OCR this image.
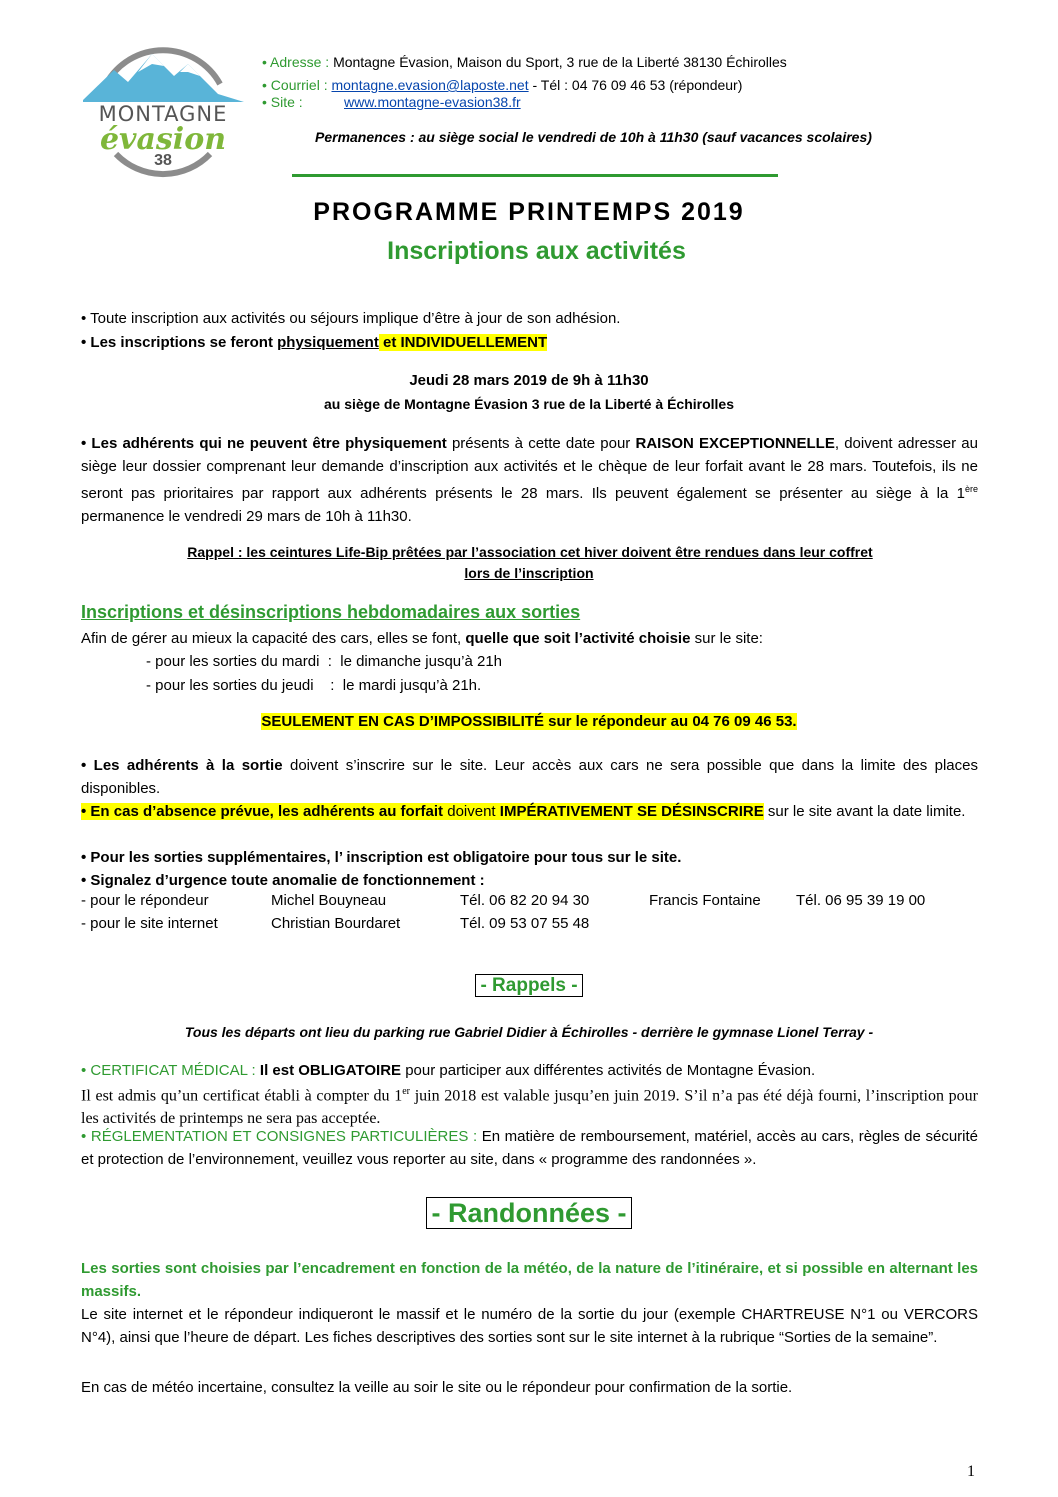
MONTAGNE
évasion
38
• Adresse : Montagne Évasion, Maison du Sport, 3 rue de la Liberté 38130 Échirolles
• Courriel : montagne.evasion@laposte.net - Tél : 04 76 09 46 53 (répondeur)
• Site :	www.montagne-evasion38.fr
Permanences : au siège social le vendredi de 10h à 11h30 (sauf vacances scolaires)
PROGRAMME PRINTEMPS 2019
Inscriptions aux activités
• Toute inscription aux activités ou séjours implique d’être à jour de son adhésion.
• Les inscriptions se feront physiquement et INDIVIDUELLEMENT
Jeudi 28 mars 2019 de 9h à 11h30
au siège de Montagne Évasion 3 rue de la Liberté à Échirolles
• Les adhérents qui ne peuvent être physiquement présents à cette date pour RAISON EXCEPTIONNELLE, doivent adresser au siège leur dossier comprenant leur demande d’inscription aux activités et le chèque de leur forfait avant le 28 mars. Toutefois, ils ne seront pas prioritaires par rapport aux adhérents présents le 28 mars. Ils peuvent également se présenter au siège à la 1ère permanence le vendredi 29 mars de 10h à 11h30.
Rappel : les ceintures Life-Bip prêtées par l’association cet hiver doivent être rendues dans leur coffret
lors de l’inscription
Inscriptions et désinscriptions hebdomadaires aux sorties
Afin de gérer au mieux la capacité des cars, elles se font, quelle que soit l’activité choisie sur le site:
- pour les sorties du mardi  :  le dimanche jusqu’à 21h
- pour les sorties du jeudi    :  le mardi jusqu’à 21h.
SEULEMENT EN CAS D’IMPOSSIBILITÉ sur le répondeur au 04 76 09 46 53.
• Les adhérents à la sortie doivent s’inscrire sur le site. Leur accès aux cars ne sera possible que dans la limite des places disponibles.
• En cas d’absence prévue, les adhérents au forfait doivent IMPÉRATIVEMENT SE DÉSINSCRIRE sur le site avant la date limite.
• Pour les sorties supplémentaires, l’ inscription est obligatoire pour tous sur le site.
• Signalez d’urgence toute anomalie de fonctionnement :
- pour le répondeur	Michel Bouyneau	Tél. 06 82 20 94 30	Francis Fontaine Tél. 06 95 39 19 00
- pour le site internet	Christian Bourdaret	Tél. 09 53 07 55 48
- Rappels -
Tous les départs ont lieu du parking rue Gabriel Didier à Échirolles - derrière le gymnase Lionel Terray -
• CERTIFICAT MÉDICAL : Il est OBLIGATOIRE pour participer aux différentes activités de Montagne Évasion.
Il est admis qu’un certificat établi à compter du 1er juin 2018 est valable jusqu’en juin 2019. S’il n’a pas été déjà fourni, l’inscription pour les activités de printemps ne sera pas acceptée.
• RÉGLEMENTATION ET CONSIGNES PARTICULIÈRES : En matière de remboursement, matériel, accès au cars, règles de sécurité et protection de l’environnement, veuillez vous reporter au site, dans « programme des randonnées ».
- Randonnées -
Les sorties sont choisies par l’encadrement en fonction de la météo, de la nature de l’itinéraire, et si possible en alternant les massifs.
Le site internet et le répondeur indiqueront le massif et le numéro de la sortie du jour (exemple CHARTREUSE N°1 ou VERCORS N°4), ainsi que l’heure de départ. Les fiches descriptives des sorties sont sur le site internet à la rubrique “Sorties de la semaine”.
En cas de météo incertaine, consultez la veille au soir le site ou le répondeur pour confirmation de la sortie.
1
